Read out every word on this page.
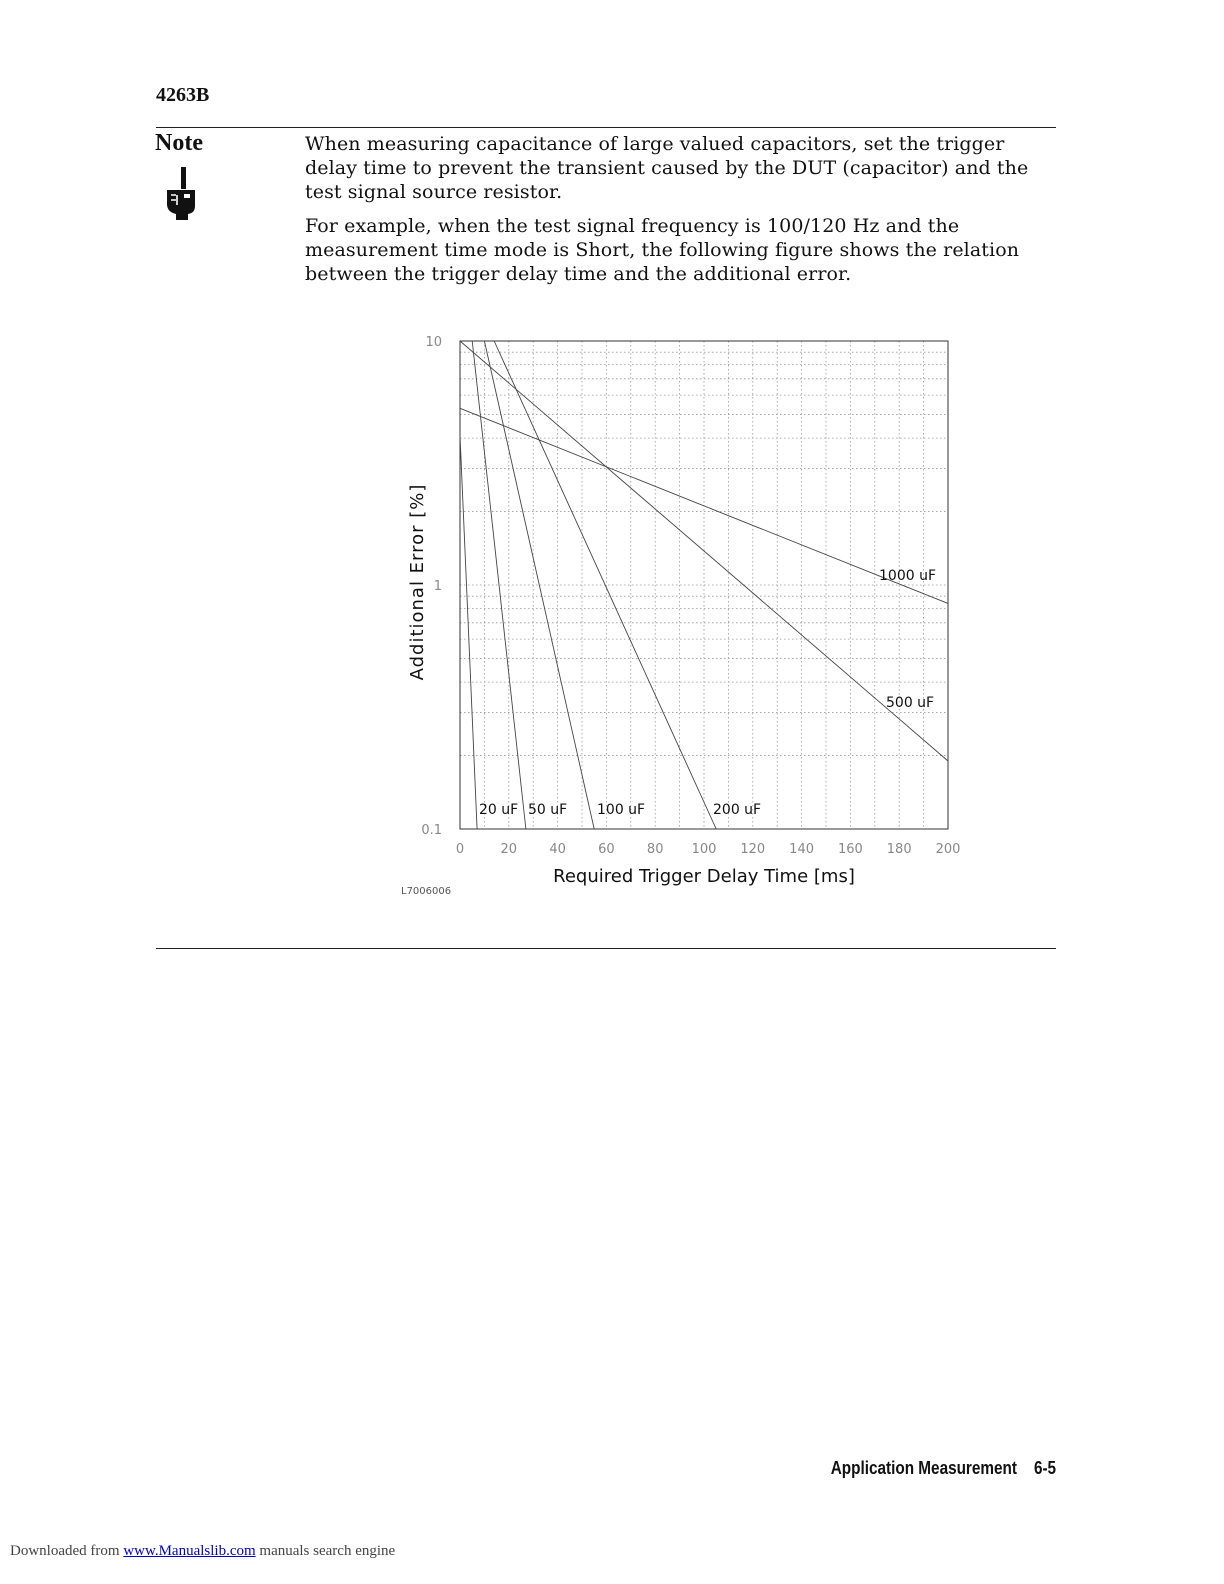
4263B
Note	When measuring capacitance of large valued capacitors, set the trigger delay time to prevent the transient caused by the DUT (capacitor) and the test signal source resistor.

For example, when the test signal frequency is 100/120 Hz and the measurement time mode is Short, the following figure shows the relation between the trigger delay time and the additional error.

0	20 40 60 80 100 120 140 160 180 200
0.1
1
10
20 uF 50 uF 100 uF	200 uF
500 uF
1000 uF
Required Trigger Delay Time [ms]
Additional Error [%]
L7006006
Application Measurement 6-5
Downloaded from www.Manualslib.com manuals search engine
